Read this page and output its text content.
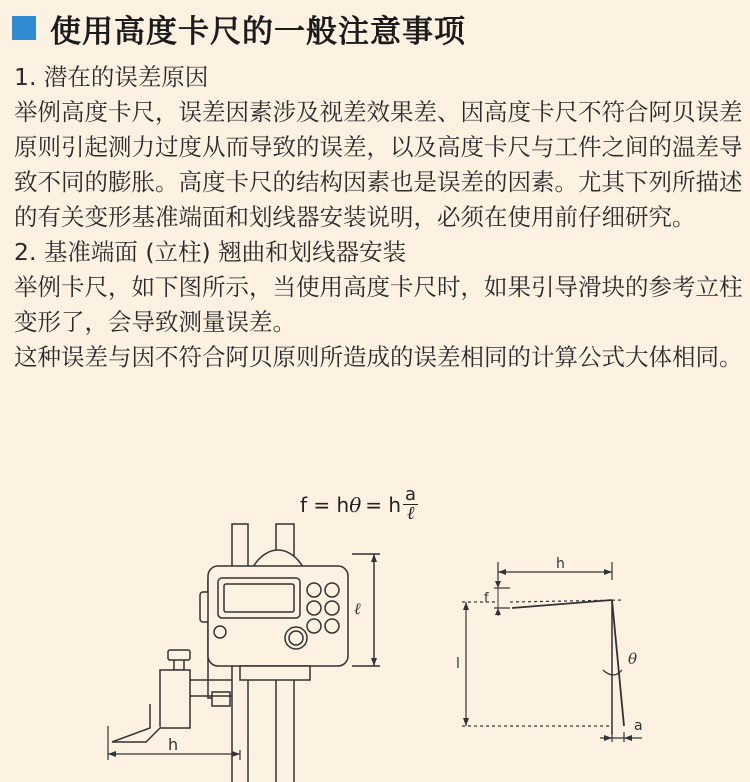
使用高度卡尺的一般注意事项

1. 潜在的误差原因

举例高度卡尺，误差因素涉及视差效果差、因高度卡尺不符合阿贝误差原则引起测力过度从而导致的误差，以及高度卡尺与工件之间的温差导致不同的膨胀。高度卡尺的结构因素也是误差的因素。尤其下列所描述的有关变形基准端面和划线器安装说明，必须在使用前仔细研究。

2. 基准端面 (立柱) 翘曲和划线器安装

举例卡尺，如下图所示，当使用高度卡尺时，如果引导滑块的参考立柱变形了，会导致测量误差。

这种误差与因不符合阿贝原则所造成的误差相同的计算公式大体相同。

f = h θ = h $\frac{a}{\text{ℓ}}$
ℓ
h
h
f
l	θ
a
